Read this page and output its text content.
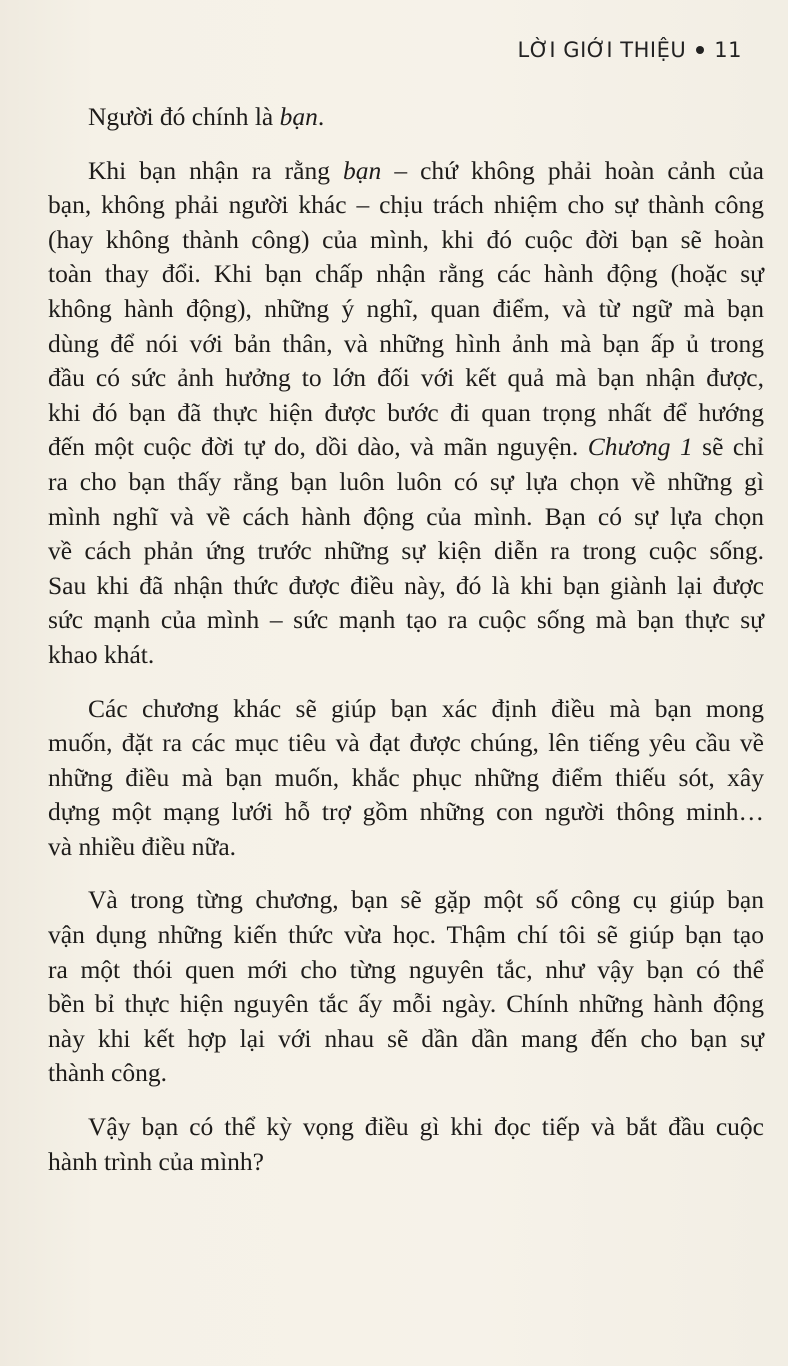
LỜI GIỚI THIỆU 11

Người đó chính là bạn.

Khi bạn nhận ra rằng bạn – chứ không phải hoàn cảnh của
bạn, không phải người khác – chịu trách nhiệm cho sự thành công
(hay không thành công) của mình, khi đó cuộc đời bạn sẽ hoàn
toàn thay đổi. Khi bạn chấp nhận rằng các hành động (hoặc sự
không hành động), những ý nghĩ, quan điểm, và từ ngữ mà bạn
dùng để nói với bản thân, và những hình ảnh mà bạn ấp ủ trong
đầu có sức ảnh hưởng to lớn đối với kết quả mà bạn nhận được,
khi đó bạn đã thực hiện được bước đi quan trọng nhất để hướng
đến một cuộc đời tự do, dồi dào, và mãn nguyện. Chương 1 sẽ chỉ
ra cho bạn thấy rằng bạn luôn luôn có sự lựa chọn về những gì
mình nghĩ và về cách hành động của mình. Bạn có sự lựa chọn
về cách phản ứng trước những sự kiện diễn ra trong cuộc sống.
Sau khi đã nhận thức được điều này, đó là khi bạn giành lại được
sức mạnh của mình – sức mạnh tạo ra cuộc sống mà bạn thực sự
khao khát.

Các chương khác sẽ giúp bạn xác định điều mà bạn mong
muốn, đặt ra các mục tiêu và đạt được chúng, lên tiếng yêu cầu về
những điều mà bạn muốn, khắc phục những điểm thiếu sót, xây
dựng một mạng lưới hỗ trợ gồm những con người thông minh…
và nhiều điều nữa.

Và trong từng chương, bạn sẽ gặp một số công cụ giúp bạn
vận dụng những kiến thức vừa học. Thậm chí tôi sẽ giúp bạn tạo
ra một thói quen mới cho từng nguyên tắc, như vậy bạn có thể
bền bỉ thực hiện nguyên tắc ấy mỗi ngày. Chính những hành động
này khi kết hợp lại với nhau sẽ dần dần mang đến cho bạn sự
thành công.

Vậy bạn có thể kỳ vọng điều gì khi đọc tiếp và bắt đầu cuộc
hành trình của mình?
